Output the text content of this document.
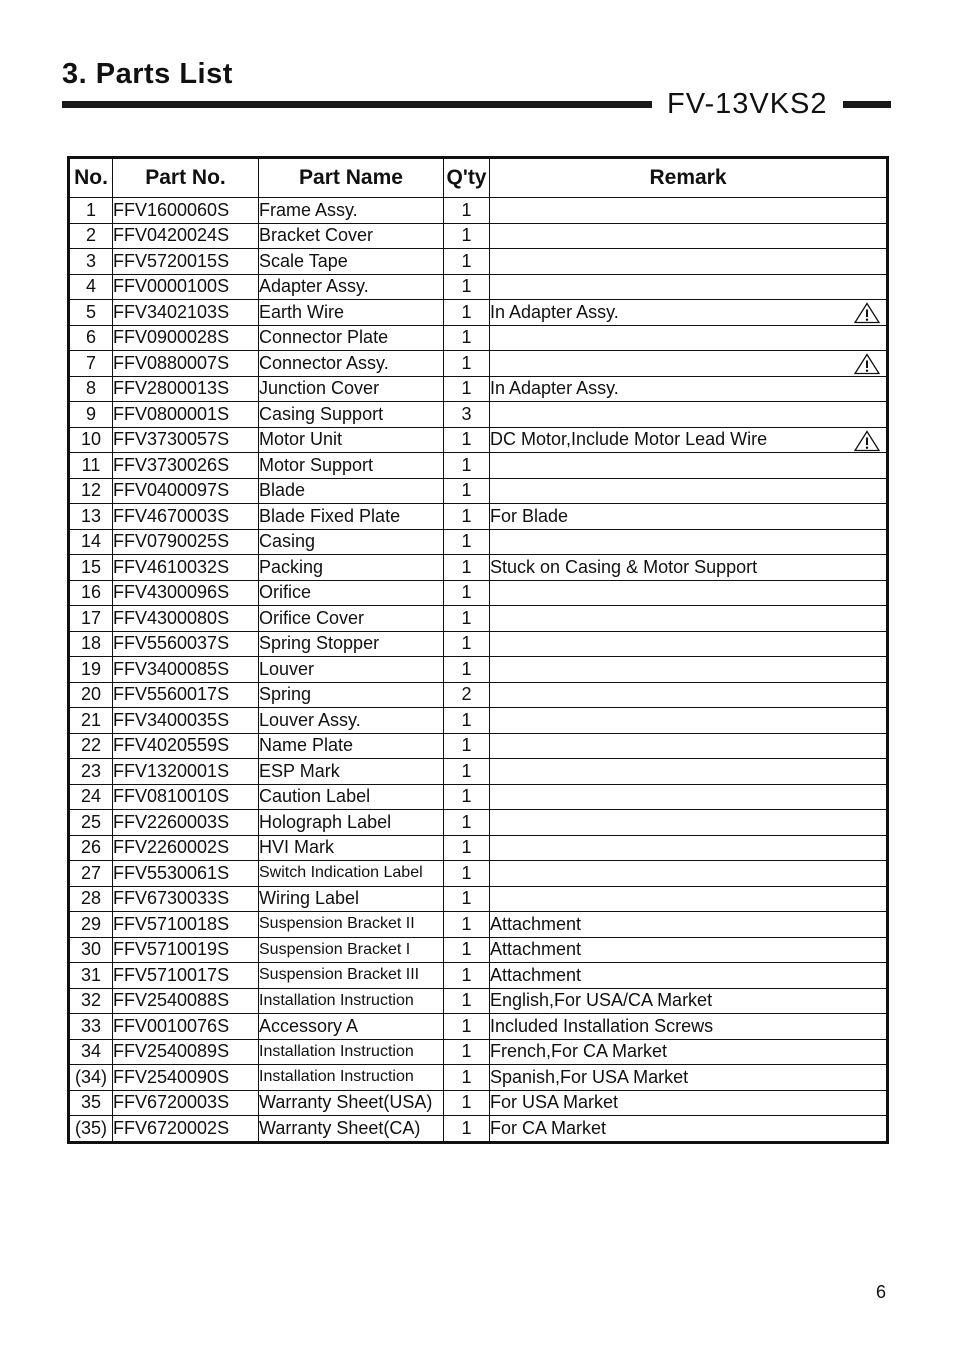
3. Parts List
FV-13VKS2
No.	Part No.	Part Name	Q'ty	Remark
1	FFV1600060S	Frame Assy.	1	
2	FFV0420024S	Bracket Cover	1	
3	FFV5720015S	Scale Tape	1	
4	FFV0000100S	Adapter Assy.	1	
5	FFV3402103S	Earth Wire	1	In Adapter Assy.

6	FFV0900028S	Connector Plate	1	
7	FFV0880007S	Connector Assy.	1	

8	FFV2800013S	Junction Cover	1	In Adapter Assy.
9	FFV0800001S	Casing Support	3	
10	FFV3730057S	Motor Unit	1	DC Motor,Include Motor Lead Wire

11	FFV3730026S	Motor Support	1	
12	FFV0400097S	Blade	1	
13	FFV4670003S	Blade Fixed Plate	1	For Blade
14	FFV0790025S	Casing	1	
15	FFV4610032S	Packing	1	Stuck on Casing & Motor Support
16	FFV4300096S	Orifice	1	
17	FFV4300080S	Orifice Cover	1	
18	FFV5560037S	Spring Stopper	1	
19	FFV3400085S	Louver	1	
20	FFV5560017S	Spring	2	
21	FFV3400035S	Louver Assy.	1	
22	FFV4020559S	Name Plate	1	
23	FFV1320001S	ESP Mark	1	
24	FFV0810010S	Caution Label	1	
25	FFV2260003S	Holograph Label	1	
26	FFV2260002S	HVI Mark	1	
27	FFV5530061S	Switch Indication Label	1	
28	FFV6730033S	Wiring Label	1	
29	FFV5710018S	Suspension Bracket II	1	Attachment
30	FFV5710019S	Suspension Bracket I	1	Attachment
31	FFV5710017S	Suspension Bracket III	1	Attachment
32	FFV2540088S	Installation Instruction	1	English,For USA/CA Market
33	FFV0010076S	Accessory A	1	Included Installation Screws
34	FFV2540089S	Installation Instruction	1	French,For CA Market
(34)	FFV2540090S	Installation Instruction	1	Spanish,For USA Market
35	FFV6720003S	Warranty Sheet(USA)	1	For USA Market
(35)	FFV6720002S	Warranty Sheet(CA)	1	For CA Market
6
